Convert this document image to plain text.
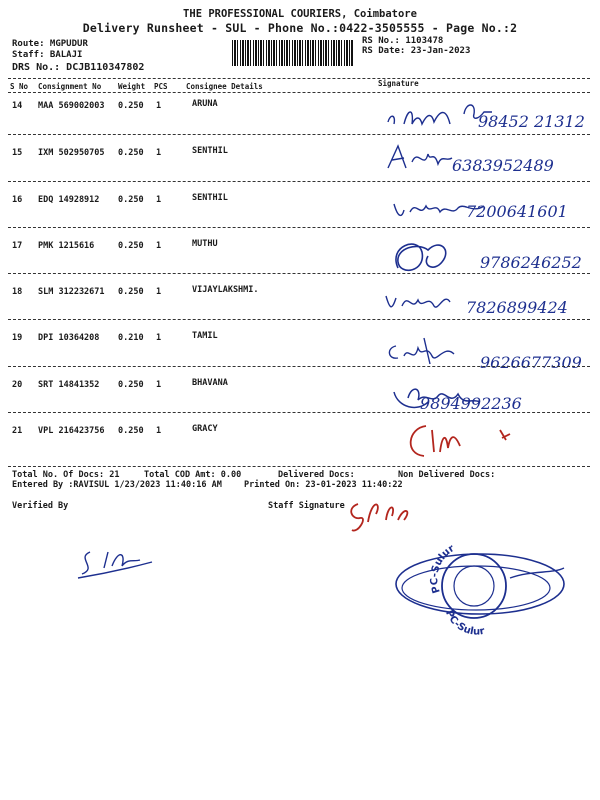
THE PROFESSIONAL COURIERS, Coimbatore
Delivery Runsheet - SUL - Phone No.:0422-3505555 - Page No.:2
Route: MGPUDUR
Staff: BALAJI
DRS No.: DCJB110347802
RS No.: 1103478
RS Date: 23-Jan-2023
S No Consignment No Weight PCS Consignee Details	Signature
14 MAA 569002003 0.250 1	ARUNA
98452 21312
15 IXM 502950705 0.250 1	SENTHIL
6383952489
16 EDQ 14928912 0.250 1	SENTHIL
7200641601
17 PMK 1215616	0.250 1	MUTHU
9786246252
18 SLM 312232671 0.250 1	VIJAYLAKSHMI.
7826899424
19 DPI 10364208 0.210 1	TAMIL
9626677309
20 SRT 14841352 0.250 1	BHAVANA
9894992236
21 VPL 216423756 0.250 1	GRACY
Total No. Of Docs: 21	Total COD Amt: 0.00	Delivered Docs:	Non Delivered Docs:
Entered By :RAVISUL 1/23/2023 11:40:16 AM	Printed On: 23-01-2023 11:40:22
Verified By	Staff Signature
PC-Sulur
PC-Sulur
